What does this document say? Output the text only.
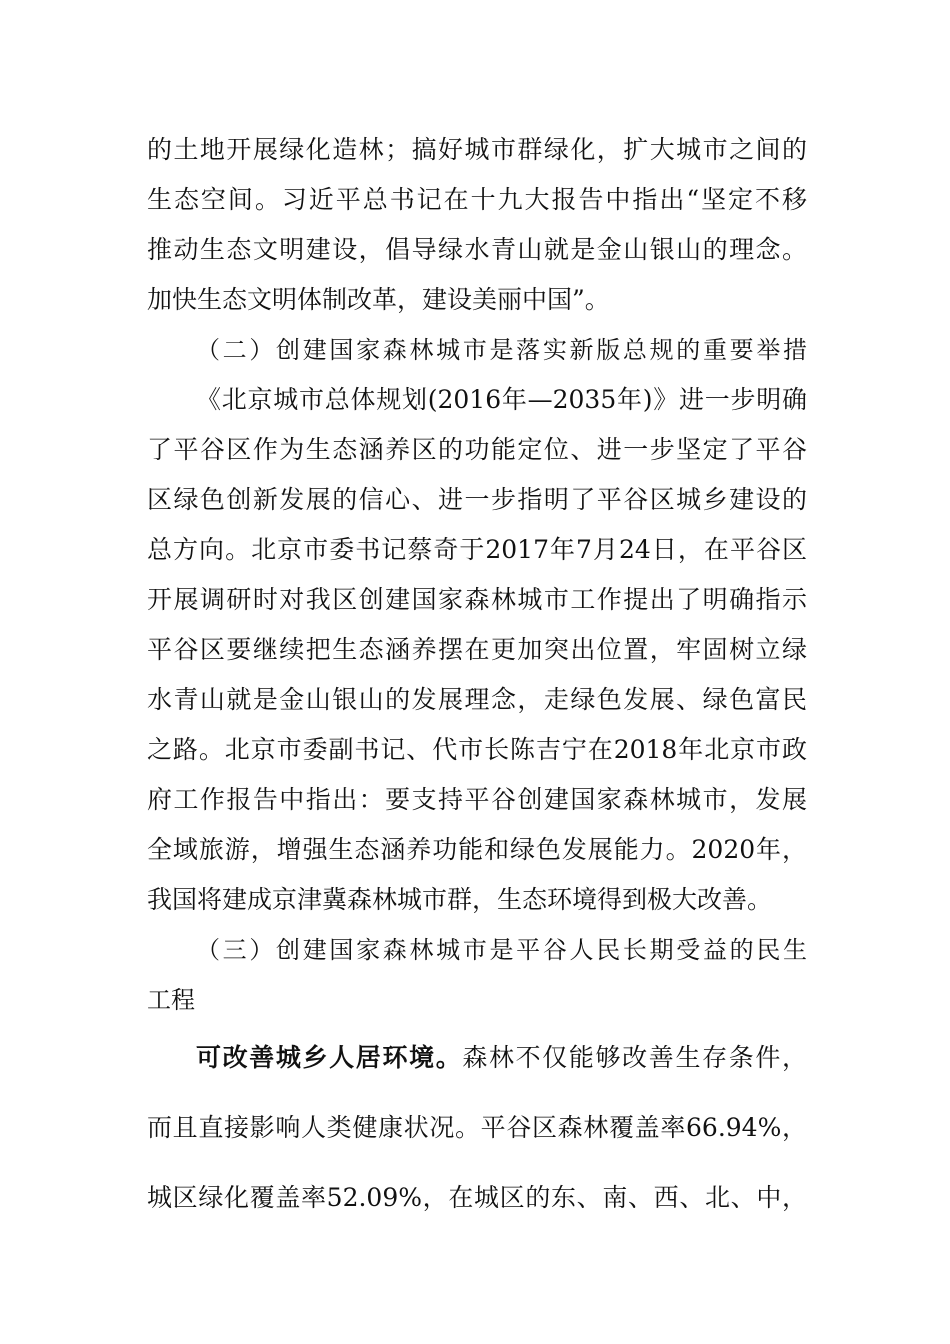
的土地开展绿化造林；搞好城市群绿化，扩大城市之间的
生态空间。习近平总书记在十九大报告中指出“坚定不移
推动生态文明建设，倡导绿水青山就是金山银山的理念。
加快生态文明体制改革，建设美丽中国”。
（二）创建国家森林城市是落实新版总规的重要举措
《北京城市总体规划(2016年—2035年)》进一步明确
了平谷区作为生态涵养区的功能定位、进一步坚定了平谷
区绿色创新发展的信心、进一步指明了平谷区城乡建设的
总方向。北京市委书记蔡奇于2017年7月24日，在平谷区
开展调研时对我区创建国家森林城市工作提出了明确指示
平谷区要继续把生态涵养摆在更加突出位置，牢固树立绿
水青山就是金山银山的发展理念，走绿色发展、绿色富民
之路。北京市委副书记、代市长陈吉宁在2018年北京市政
府工作报告中指出：要支持平谷创建国家森林城市，发展
全域旅游，增强生态涵养功能和绿色发展能力。2020年，
我国将建成京津冀森林城市群，生态环境得到极大改善。
（三）创建国家森林城市是平谷人民长期受益的民生
工程
可改善城乡人居环境。森林不仅能够改善生存条件，
而且直接影响人类健康状况。平谷区森林覆盖率66.94%，
城区绿化覆盖率52.09%，在城区的东、南、西、北、中，
